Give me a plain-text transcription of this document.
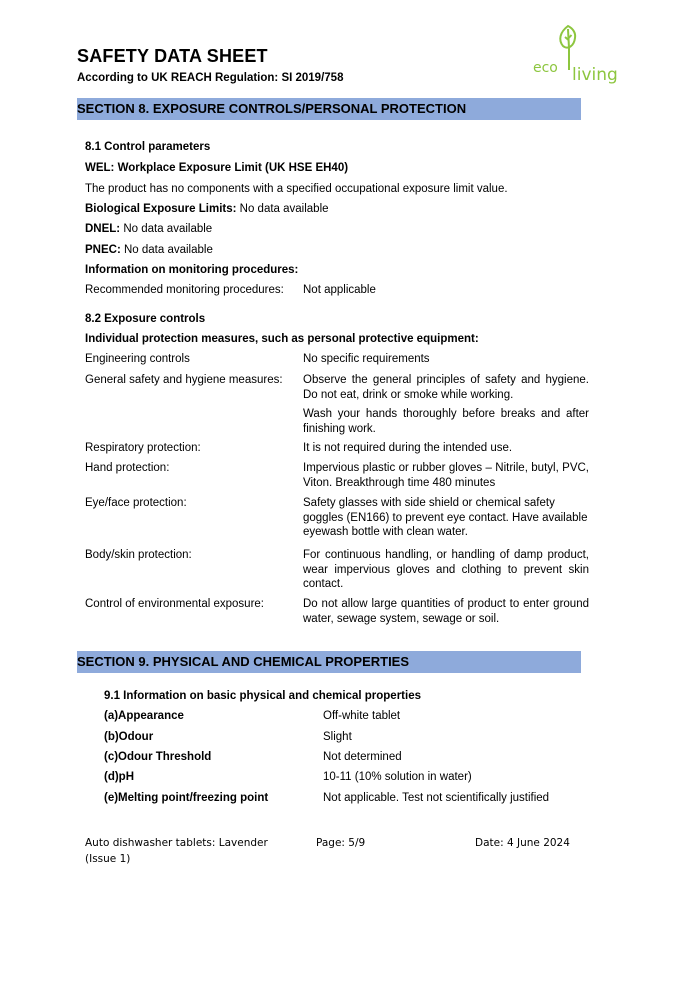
SAFETY DATA SHEET
According to UK REACH Regulation: SI 2019/758
eco living
SECTION 8. EXPOSURE CONTROLS/PERSONAL PROTECTION
8.1 Control parameters
WEL: Workplace Exposure Limit (UK HSE EH40)
The product has no components with a specified occupational exposure limit value.
Biological Exposure Limits: No data available
DNEL: No data available
PNEC: No data available
Information on monitoring procedures:
Recommended monitoring procedures: Not applicable
8.2 Exposure controls
Individual protection measures, such as personal protective equipment:
Engineering controls	No specific requirements
General safety and hygiene measures: Observe the general principles of safety and hygiene. Do not eat, drink or smoke while working.
Wash your hands thoroughly before breaks and after finishing work.
Respiratory protection:	It is not required during the intended use.
Hand protection:	Impervious plastic or rubber gloves – Nitrile, butyl, PVC, Viton. Breakthrough time 480 minutes
Eye/face protection:	Safety glasses with side shield or chemical safety goggles (EN166) to prevent eye contact. Have available eyewash bottle with clean water.
Body/skin protection:	For continuous handling, or handling of damp product, wear impervious gloves and clothing to prevent skin contact.
Control of environmental exposure:	Do not allow large quantities of product to enter ground water, sewage system, sewage or soil.
SECTION 9. PHYSICAL AND CHEMICAL PROPERTIES
9.1 Information on basic physical and chemical properties
(a)Appearance	Off-white tablet
(b)Odour	Slight
(c)Odour Threshold	Not determined
(d)pH	10-11 (10% solution in water)
(e)Melting point/freezing point	Not applicable. Test not scientifically justified
Auto dishwasher tablets: Lavender
(Issue 1)
Page: 5/9	Date: 4 June 2024
